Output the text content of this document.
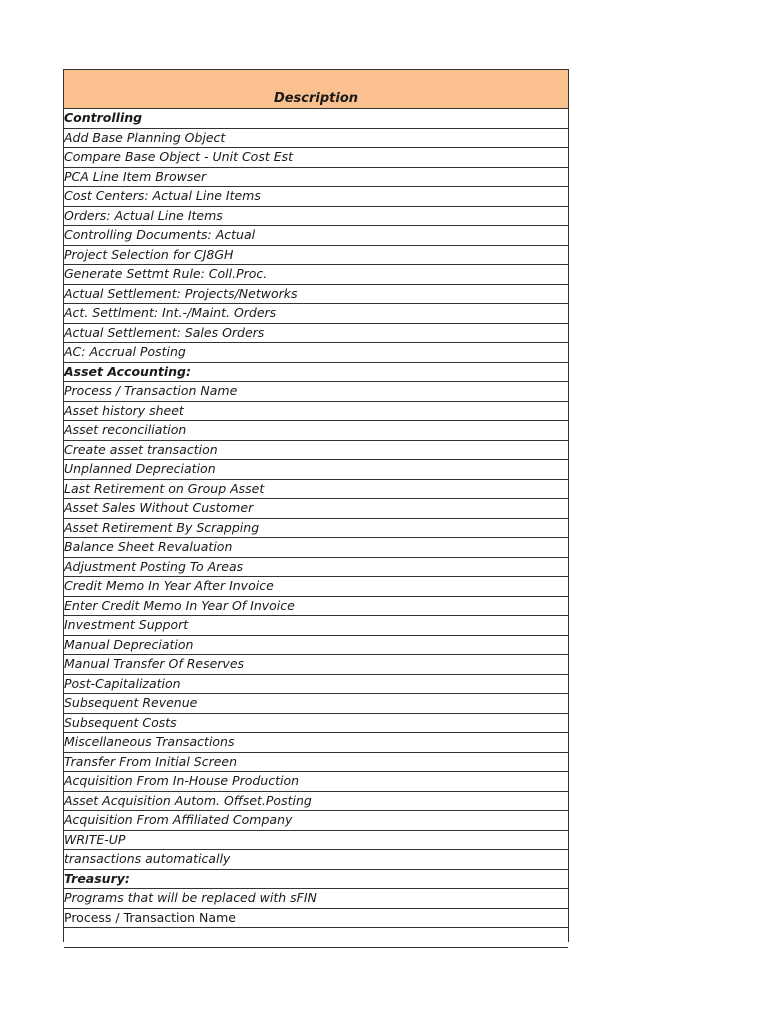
Description
Controlling
Add Base Planning Object
Compare Base Object - Unit Cost Est
PCA Line Item Browser
Cost Centers: Actual Line Items
Orders: Actual Line Items
Controlling Documents: Actual
Project Selection for CJ8GH
Generate Settmt Rule: Coll.Proc.
Actual Settlement: Projects/Networks
Act. Settlment: Int.-/Maint. Orders
Actual Settlement: Sales Orders
AC: Accrual Posting
Asset Accounting:
Process / Transaction Name
Asset history sheet
Asset reconciliation
Create asset transaction
Unplanned Depreciation
Last Retirement on Group Asset
Asset Sales Without Customer
Asset Retirement By Scrapping
Balance Sheet Revaluation
Adjustment Posting To Areas
Credit Memo In Year After Invoice
Enter Credit Memo In Year Of Invoice
Investment Support
Manual Depreciation
Manual Transfer Of Reserves
Post-Capitalization
Subsequent Revenue
Subsequent Costs
Miscellaneous Transactions
Transfer From Initial Screen
Acquisition From In-House Production
Asset Acquisition Autom. Offset.Posting
Acquisition From Affiliated Company
WRITE-UP
transactions automatically
Treasury:
Programs that will be replaced with sFIN
Process / Transaction Name
